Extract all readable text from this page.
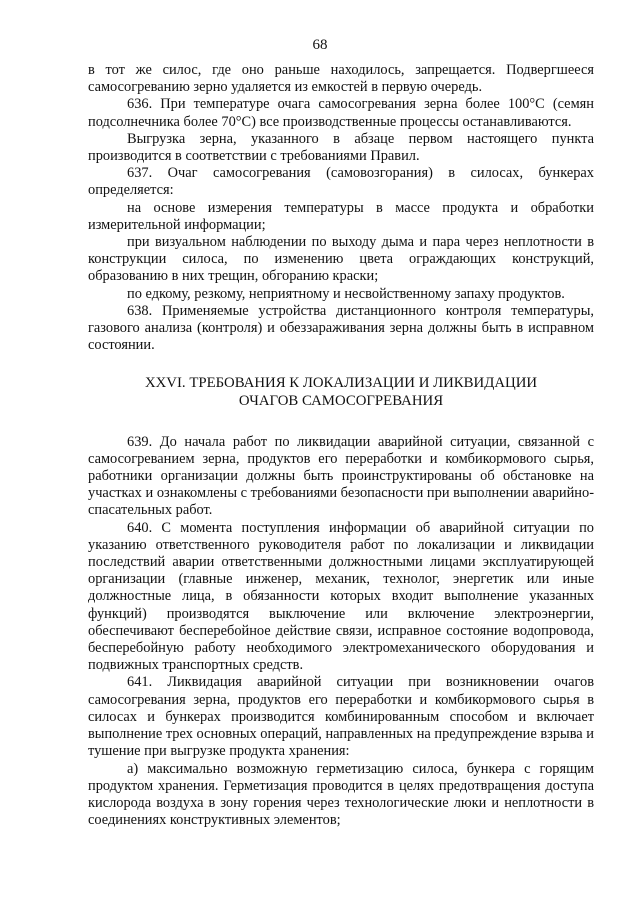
68

в тот же силос, где оно раньше находилось, запрещается. Подвергшееся самосогреванию зерно удаляется из емкостей в первую очередь.

636. При температуре очага самосогревания зерна более 100°С (семян подсолнечника более 70°С) все производственные процессы останавливаются.

Выгрузка зерна, указанного в абзаце первом настоящего пункта производится в соответствии с требованиями Правил.

637. Очаг самосогревания (самовозгорания) в силосах, бункерах определяется:

на основе измерения температуры в массе продукта и обработки измерительной информации;

при визуальном наблюдении по выходу дыма и пара через неплотности в конструкции силоса, по изменению цвета ограждающих конструкций, образованию в них трещин, обгоранию краски;

по едкому, резкому, неприятному и несвойственному запаху продуктов.

638. Применяемые устройства дистанционного контроля температуры, газового анализа (контроля) и обеззараживания зерна должны быть в исправном состоянии.

XXVI. ТРЕБОВАНИЯ К ЛОКАЛИЗАЦИИ И ЛИКВИДАЦИИ
ОЧАГОВ САМОСОГРЕВАНИЯ

639. До начала работ по ликвидации аварийной ситуации, связанной с самосогреванием зерна, продуктов его переработки и комбикормового сырья, работники организации должны быть проинструктированы об обстановке на участках и ознакомлены с требованиями безопасности при выполнении аварийно-спасательных работ.

640. С момента поступления информации об аварийной ситуации по указанию ответственного руководителя работ по локализации и ликвидации последствий аварии ответственными должностными лицами эксплуатирующей организации (главные инженер, механик, технолог, энергетик или иные должностные лица, в обязанности которых входит выполнение указанных функций) производятся выключение или включение электроэнергии, обеспечивают бесперебойное действие связи, исправное состояние водопровода, бесперебойную работу необходимого электромеханического оборудования и подвижных транспортных средств.

641. Ликвидация аварийной ситуации при возникновении очагов самосогревания зерна, продуктов его переработки и комбикормового сырья в силосах и бункерах производится комбинированным способом и включает выполнение трех основных операций, направленных на предупреждение взрыва и тушение при выгрузке продукта хранения:

а) максимально возможную герметизацию силоса, бункера с горящим продуктом хранения. Герметизация проводится в целях предотвращения доступа кислорода воздуха в зону горения через технологические люки и неплотности в соединениях конструктивных элементов;
